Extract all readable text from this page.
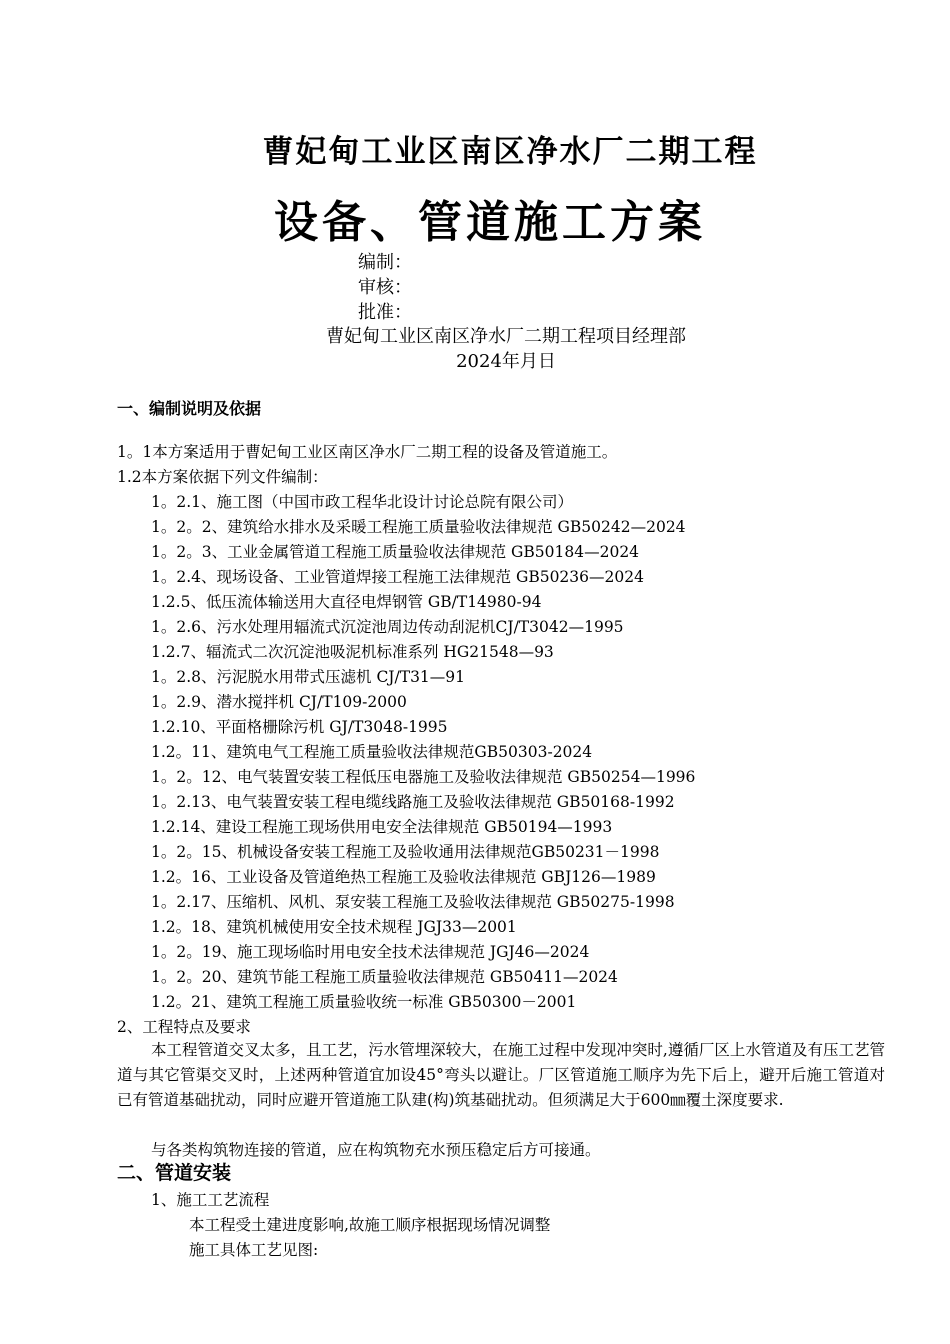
曹妃甸工业区南区净水厂二期工程
设备、管道施工方案
编制：
审核：
批准：
曹妃甸工业区南区净水厂二期工程项目经理部
2024年月日
一、编制说明及依据
1。1本方案适用于曹妃甸工业区南区净水厂二期工程的设备及管道施工。
1.2本方案依据下列文件编制：
1。2.1、施工图（中国市政工程华北设计讨论总院有限公司）
1。2。2、建筑给水排水及采暖工程施工质量验收法律规范 GB50242—2024
1。2。3、工业金属管道工程施工质量验收法律规范 GB50184—2024
1。2.4、现场设备、工业管道焊接工程施工法律规范 GB50236—2024
1.2.5、低压流体输送用大直径电焊钢管 GB/T14980-94
1。2.6、污水处理用辐流式沉淀池周边传动刮泥机CJ/T3042—1995
1.2.7、辐流式二次沉淀池吸泥机标准系列 HG21548—93
1。2.8、污泥脱水用带式压滤机 CJ/T31—91
1。2.9、潜水搅拌机 CJ/T109-2000
1.2.10、平面格栅除污机 GJ/T3048-1995
1.2。11、建筑电气工程施工质量验收法律规范GB50303-2024
1。2。12、电气装置安装工程低压电器施工及验收法律规范 GB50254—1996
1。2.13、电气装置安装工程电缆线路施工及验收法律规范 GB50168-1992
1.2.14、建设工程施工现场供用电安全法律规范 GB50194—1993
1。2。15、机械设备安装工程施工及验收通用法律规范GB50231－1998
1.2。16、工业设备及管道绝热工程施工及验收法律规范 GBJ126—1989
1。2.17、压缩机、风机、泵安装工程施工及验收法律规范 GB50275-1998
1.2。18、建筑机械使用安全技术规程 JGJ33—2001
1。2。19、施工现场临时用电安全技术法律规范 JGJ46—2024
1。2。20、建筑节能工程施工质量验收法律规范 GB50411—2024
1.2。21、建筑工程施工质量验收统一标准 GB50300－2001
2、工程特点及要求
本工程管道交叉太多，且工艺，污水管埋深较大，在施工过程中发现冲突时,遵循厂区上水管道及有压工艺管道与其它管渠交叉时，上述两种管道宜加设45°弯头以避让。厂区管道施工顺序为先下后上，避开后施工管道对已有管道基础扰动，同时应避开管道施工队建(构)筑基础扰动。但须满足大于600㎜覆土深度要求.
与各类构筑物连接的管道，应在构筑物充水预压稳定后方可接通。
二、管道安装
1、施工工艺流程
本工程受土建进度影响,故施工顺序根据现场情况调整
施工具体工艺见图:
